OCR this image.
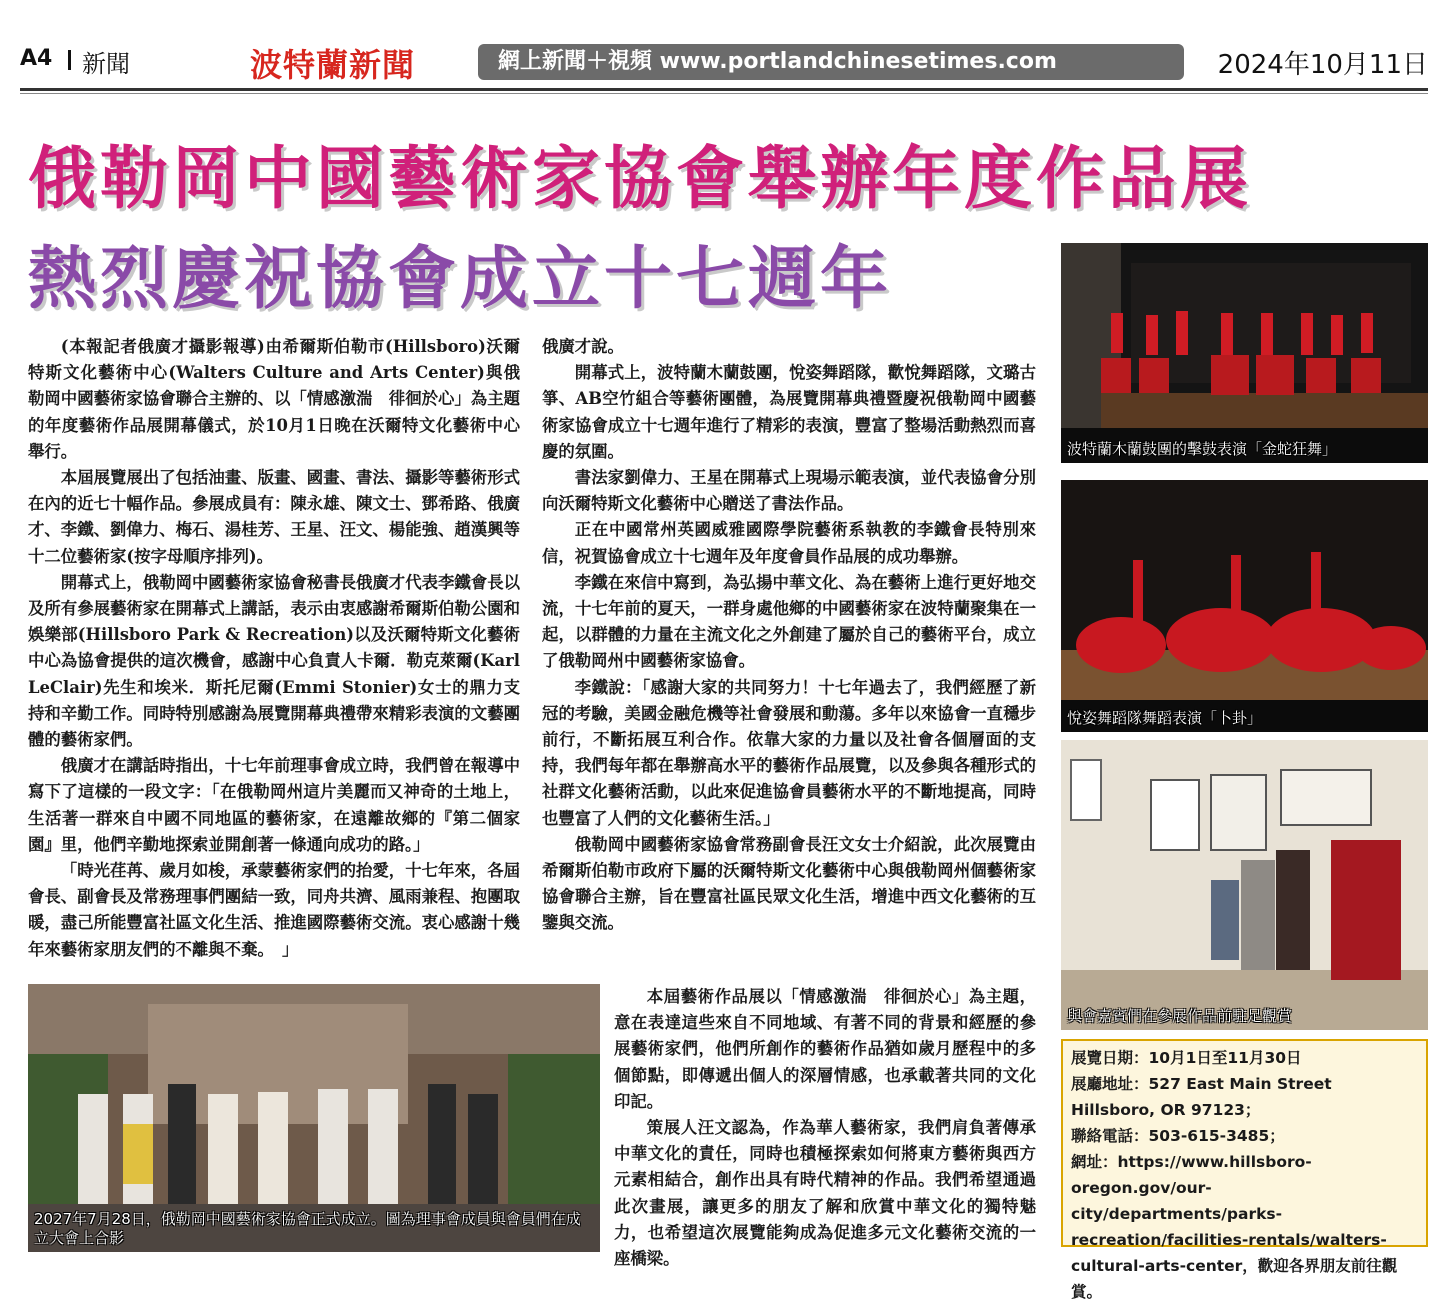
A4 新聞	波特蘭新聞	網上新聞＋視頻 www.portlandchinesetimes.com	2024年10月11日
俄勒岡中國藝術家協會舉辦年度作品展
熱烈慶祝協會成立十七週年

(本報記者俄廣才攝影報導)由希爾斯伯勒市(Hillsboro)沃爾特斯文化藝術中心(Walters Culture and Arts Center)與俄勒岡中國藝術家協會聯合主辦的、以「情感激湍　徘徊於心」為主題的年度藝術作品展開幕儀式，於10月1日晚在沃爾特文化藝術中心舉行。

本屆展覽展出了包括油畫、版畫、國畫、書法、攝影等藝術形式在內的近七十幅作品。參展成員有：陳永雄、陳文士、鄧希路、俄廣才、李鐵、劉偉力、梅石、湯桂芳、王星、汪文、楊能強、趙漢興等十二位藝術家(按字母順序排列)。

開幕式上，俄勒岡中國藝術家協會秘書長俄廣才代表李鐵會長以及所有參展藝術家在開幕式上講話，表示由衷感謝希爾斯伯勒公園和娛樂部(Hillsboro Park & Recreation)以及沃爾特斯文化藝術中心為協會提供的這次機會，感謝中心負責人卡爾．勒克萊爾(Karl LeClair)先生和埃米．斯托尼爾(Emmi Stonier)女士的鼎力支持和辛勤工作。同時特別感謝為展覽開幕典禮帶來精彩表演的文藝團體的藝術家們。

俄廣才在講話時指出，十七年前理事會成立時，我們曾在報導中寫下了這樣的一段文字：「在俄勒岡州這片美麗而又神奇的土地上，生活著一群來自中國不同地區的藝術家，在遠離故鄉的『第二個家園』里，他們辛勤地探索並開創著一條通向成功的路。」

「時光荏苒、歲月如梭，承蒙藝術家們的抬愛，十七年來，各屆會長、副會長及常務理事們團結一致，同舟共濟、風雨兼程、抱團取暖，盡己所能豐富社區文化生活、推進國際藝術交流。衷心感謝十幾年來藝術家朋友們的不離與不棄。　」

俄廣才說。

開幕式上，波特蘭木蘭鼓團，悅姿舞蹈隊，歡悅舞蹈隊，文璐古箏、AB空竹組合等藝術團體，為展覽開幕典禮暨慶祝俄勒岡中國藝術家協會成立十七週年進行了精彩的表演，豐富了整場活動熱烈而喜慶的氛圍。

書法家劉偉力、王星在開幕式上現場示範表演，並代表協會分別向沃爾特斯文化藝術中心贈送了書法作品。

正在中國常州英國威雅國際學院藝術系執教的李鐵會長特別來信，祝賀協會成立十七週年及年度會員作品展的成功舉辦。

李鐵在來信中寫到，為弘揚中華文化、為在藝術上進行更好地交流，十七年前的夏天，一群身處他鄉的中國藝術家在波特蘭聚集在一起，以群體的力量在主流文化之外創建了屬於自己的藝術平台，成立了俄勒岡州中國藝術家協會。

李鐵說：「感謝大家的共同努力！十七年過去了，我們經歷了新冠的考驗，美國金融危機等社會發展和動蕩。多年以來協會一直穩步前行，不斷拓展互利合作。依靠大家的力量以及社會各個層面的支持，我們每年都在舉辦高水平的藝術作品展覽，以及參與各種形式的社群文化藝術活動，以此來促進協會員藝術水平的不斷地提高，同時也豐富了人們的文化藝術生活。」

俄勒岡中國藝術家協會常務副會長汪文女士介紹說，此次展覽由希爾斯伯勒市政府下屬的沃爾特斯文化藝術中心與俄勒岡州個藝術家協會聯合主辦，旨在豐富社區民眾文化生活，增進中西文化藝術的互鑒與交流。

本屆藝術作品展以「情感激湍　徘徊於心」為主題，意在表達這些來自不同地域、有著不同的背景和經歷的參展藝術家們，他們所創作的藝術作品猶如歲月歷程中的多個節點，即傳遞出個人的深層情感，也承載著共同的文化印記。

策展人汪文認為，作為華人藝術家，我們肩負著傳承中華文化的責任，同時也積極探索如何將東方藝術與西方元素相結合，創作出具有時代精神的作品。我們希望通過此次畫展，讓更多的朋友了解和欣賞中華文化的獨特魅力，也希望這次展覽能夠成為促進多元文化藝術交流的一座橋梁。

波特蘭木蘭鼓團的擊鼓表演「金蛇狂舞」
悅姿舞蹈隊舞蹈表演「卜卦」
與會嘉賓們在參展作品前駐足觀賞
2027年7月28日，俄勒岡中國藝術家協會正式成立。圖為理事會成員與會員們在成立大會上合影
展覽日期：10月1日至11月30日
展廳地址：527 East Main Street Hillsboro, OR 97123；
聯絡電話：503-615-3485；
網址：https://www.hillsboro-oregon.gov/our-city/departments/parks-recreation/facilities-rentals/walters-cultural-arts-center，歡迎各界朋友前往觀賞。
